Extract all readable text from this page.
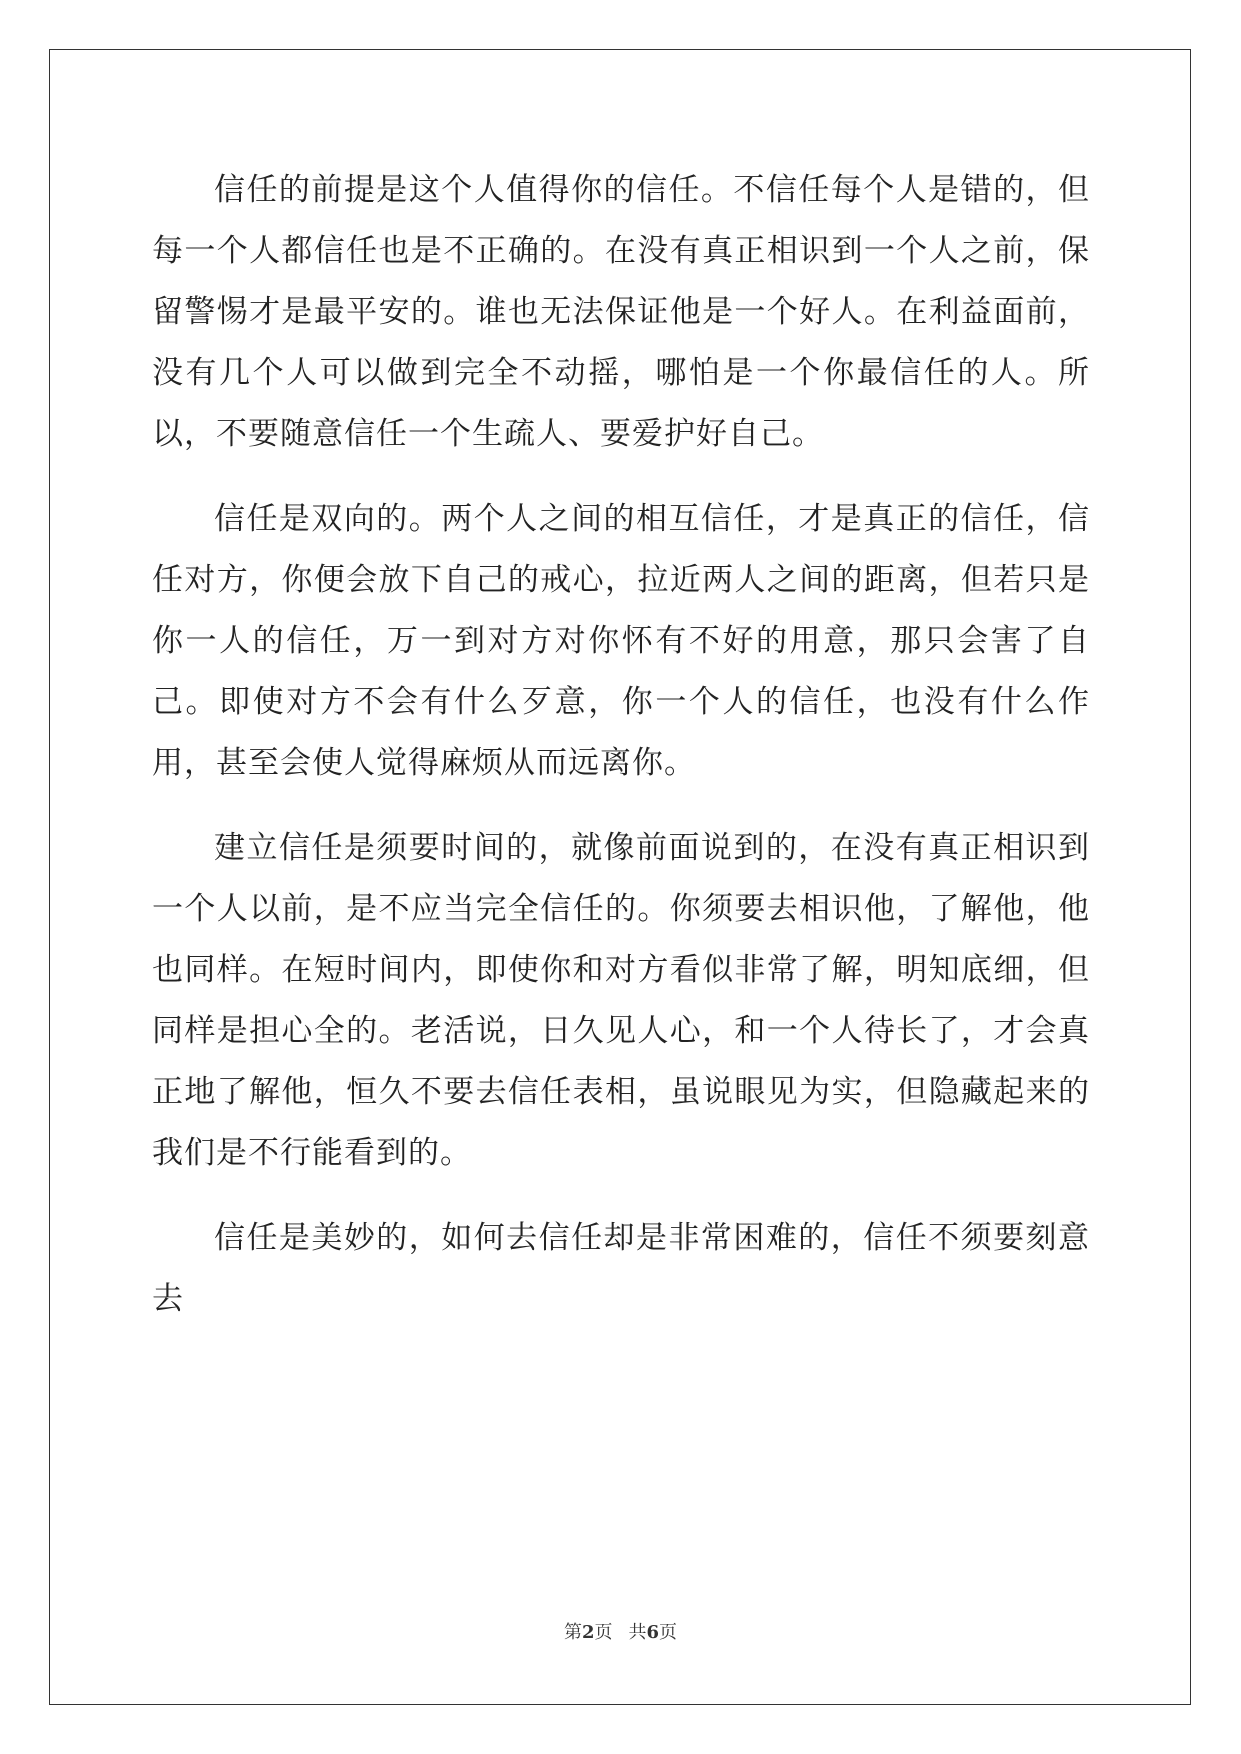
信任的前提是这个人值得你的信任。不信任每个人是错的，但每一个人都信任也是不正确的。在没有真正相识到一个人之前，保留警惕才是最平安的。谁也无法保证他是一个好人。在利益面前，没有几个人可以做到完全不动摇，哪怕是一个你最信任的人。所以，不要随意信任一个生疏人、要爱护好自己。

信任是双向的。两个人之间的相互信任，才是真正的信任，信任对方，你便会放下自己的戒心，拉近两人之间的距离，但若只是你一人的信任，万一到对方对你怀有不好的用意，那只会害了自己。即使对方不会有什么歹意，你一个人的信任，也没有什么作用，甚至会使人觉得麻烦从而远离你。

建立信任是须要时间的，就像前面说到的，在没有真正相识到一个人以前，是不应当完全信任的。你须要去相识他，了解他，他也同样。在短时间内，即使你和对方看似非常了解，明知底细，但同样是担心全的。老活说，日久见人心，和一个人待长了，才会真正地了解他，恒久不要去信任表相，虽说眼见为实，但隐藏起来的我们是不行能看到的。

信任是美妙的，如何去信任却是非常困难的，信任不须要刻意去

第2页 共6页
